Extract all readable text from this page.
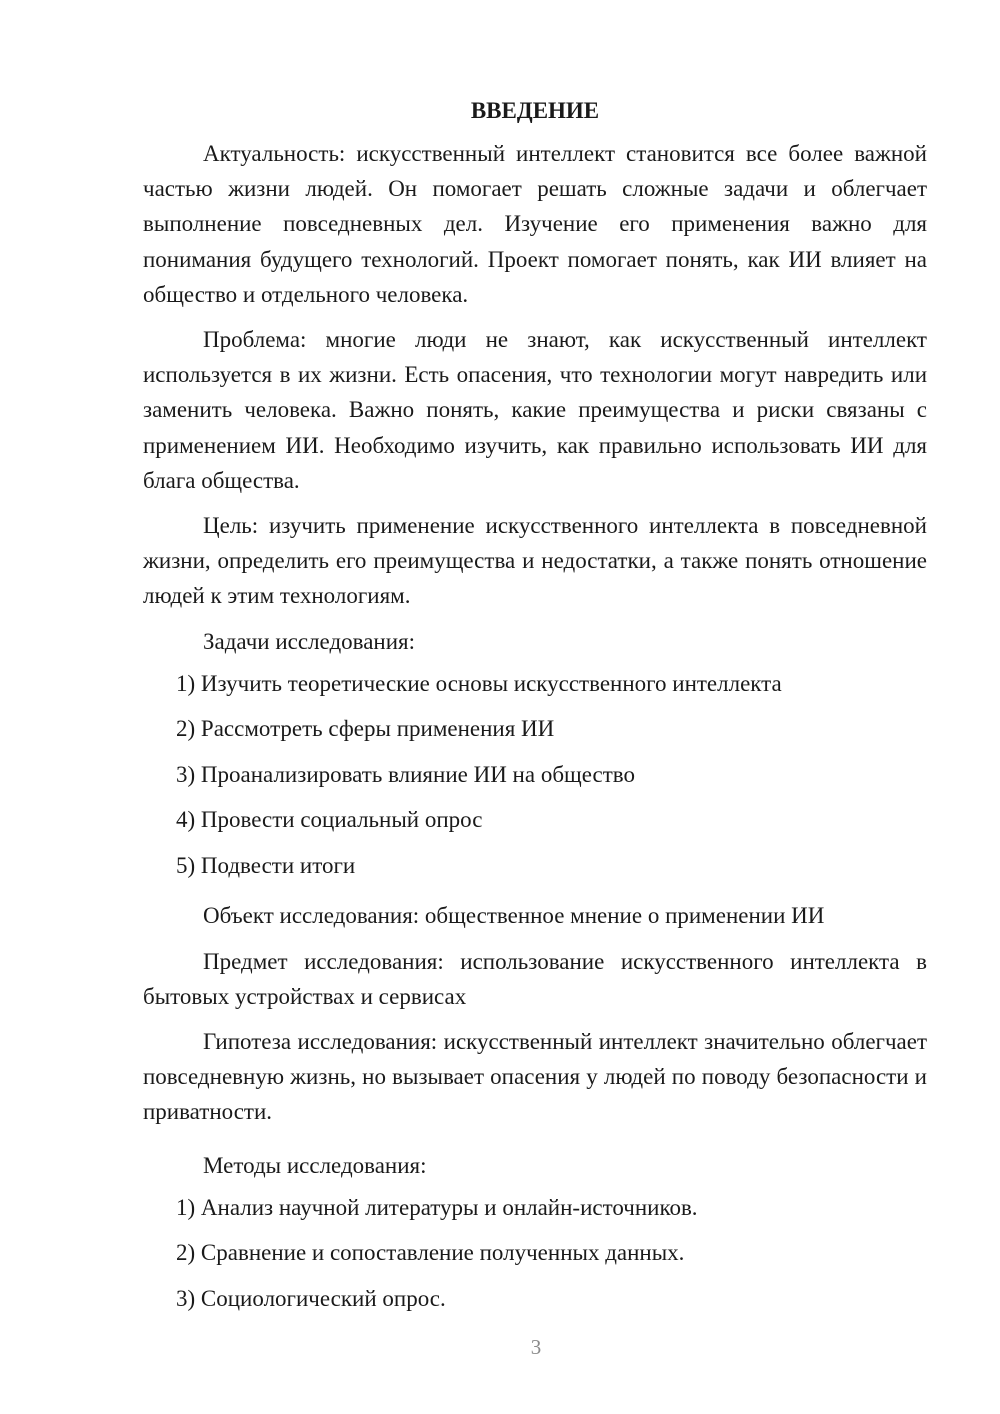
ВВЕДЕНИЕ

Актуальность: искусственный интеллект становится все более важной частью жизни людей. Он помогает решать сложные задачи и облегчает выполнение повседневных дел. Изучение его применения важно для понимания будущего технологий. Проект помогает понять, как ИИ влияет на общество и отдельного человека.

Проблема: многие люди не знают, как искусственный интеллект используется в их жизни. Есть опасения, что технологии могут навредить или заменить человека. Важно понять, какие преимущества и риски связаны с применением ИИ. Необходимо изучить, как правильно использовать ИИ для блага общества.

Цель: изучить применение искусственного интеллекта в повседневной жизни, определить его преимущества и недостатки, а также понять отношение людей к этим технологиям.

Задачи исследования:

1) Изучить теоретические основы искусственного интеллекта
2) Рассмотреть сферы применения ИИ
3) Проанализировать влияние ИИ на общество
4) Провести социальный опрос
5) Подвести итоги

Объект исследования: общественное мнение о применении ИИ

Предмет исследования: использование искусственного интеллекта в бытовых устройствах и сервисах

Гипотеза исследования: искусственный интеллект значительно облегчает повседневную жизнь, но вызывает опасения у людей по поводу безопасности и приватности.

Методы исследования:

1) Анализ научной литературы и онлайн-источников.
2) Сравнение и сопоставление полученных данных.
3) Социологический опрос.
3
